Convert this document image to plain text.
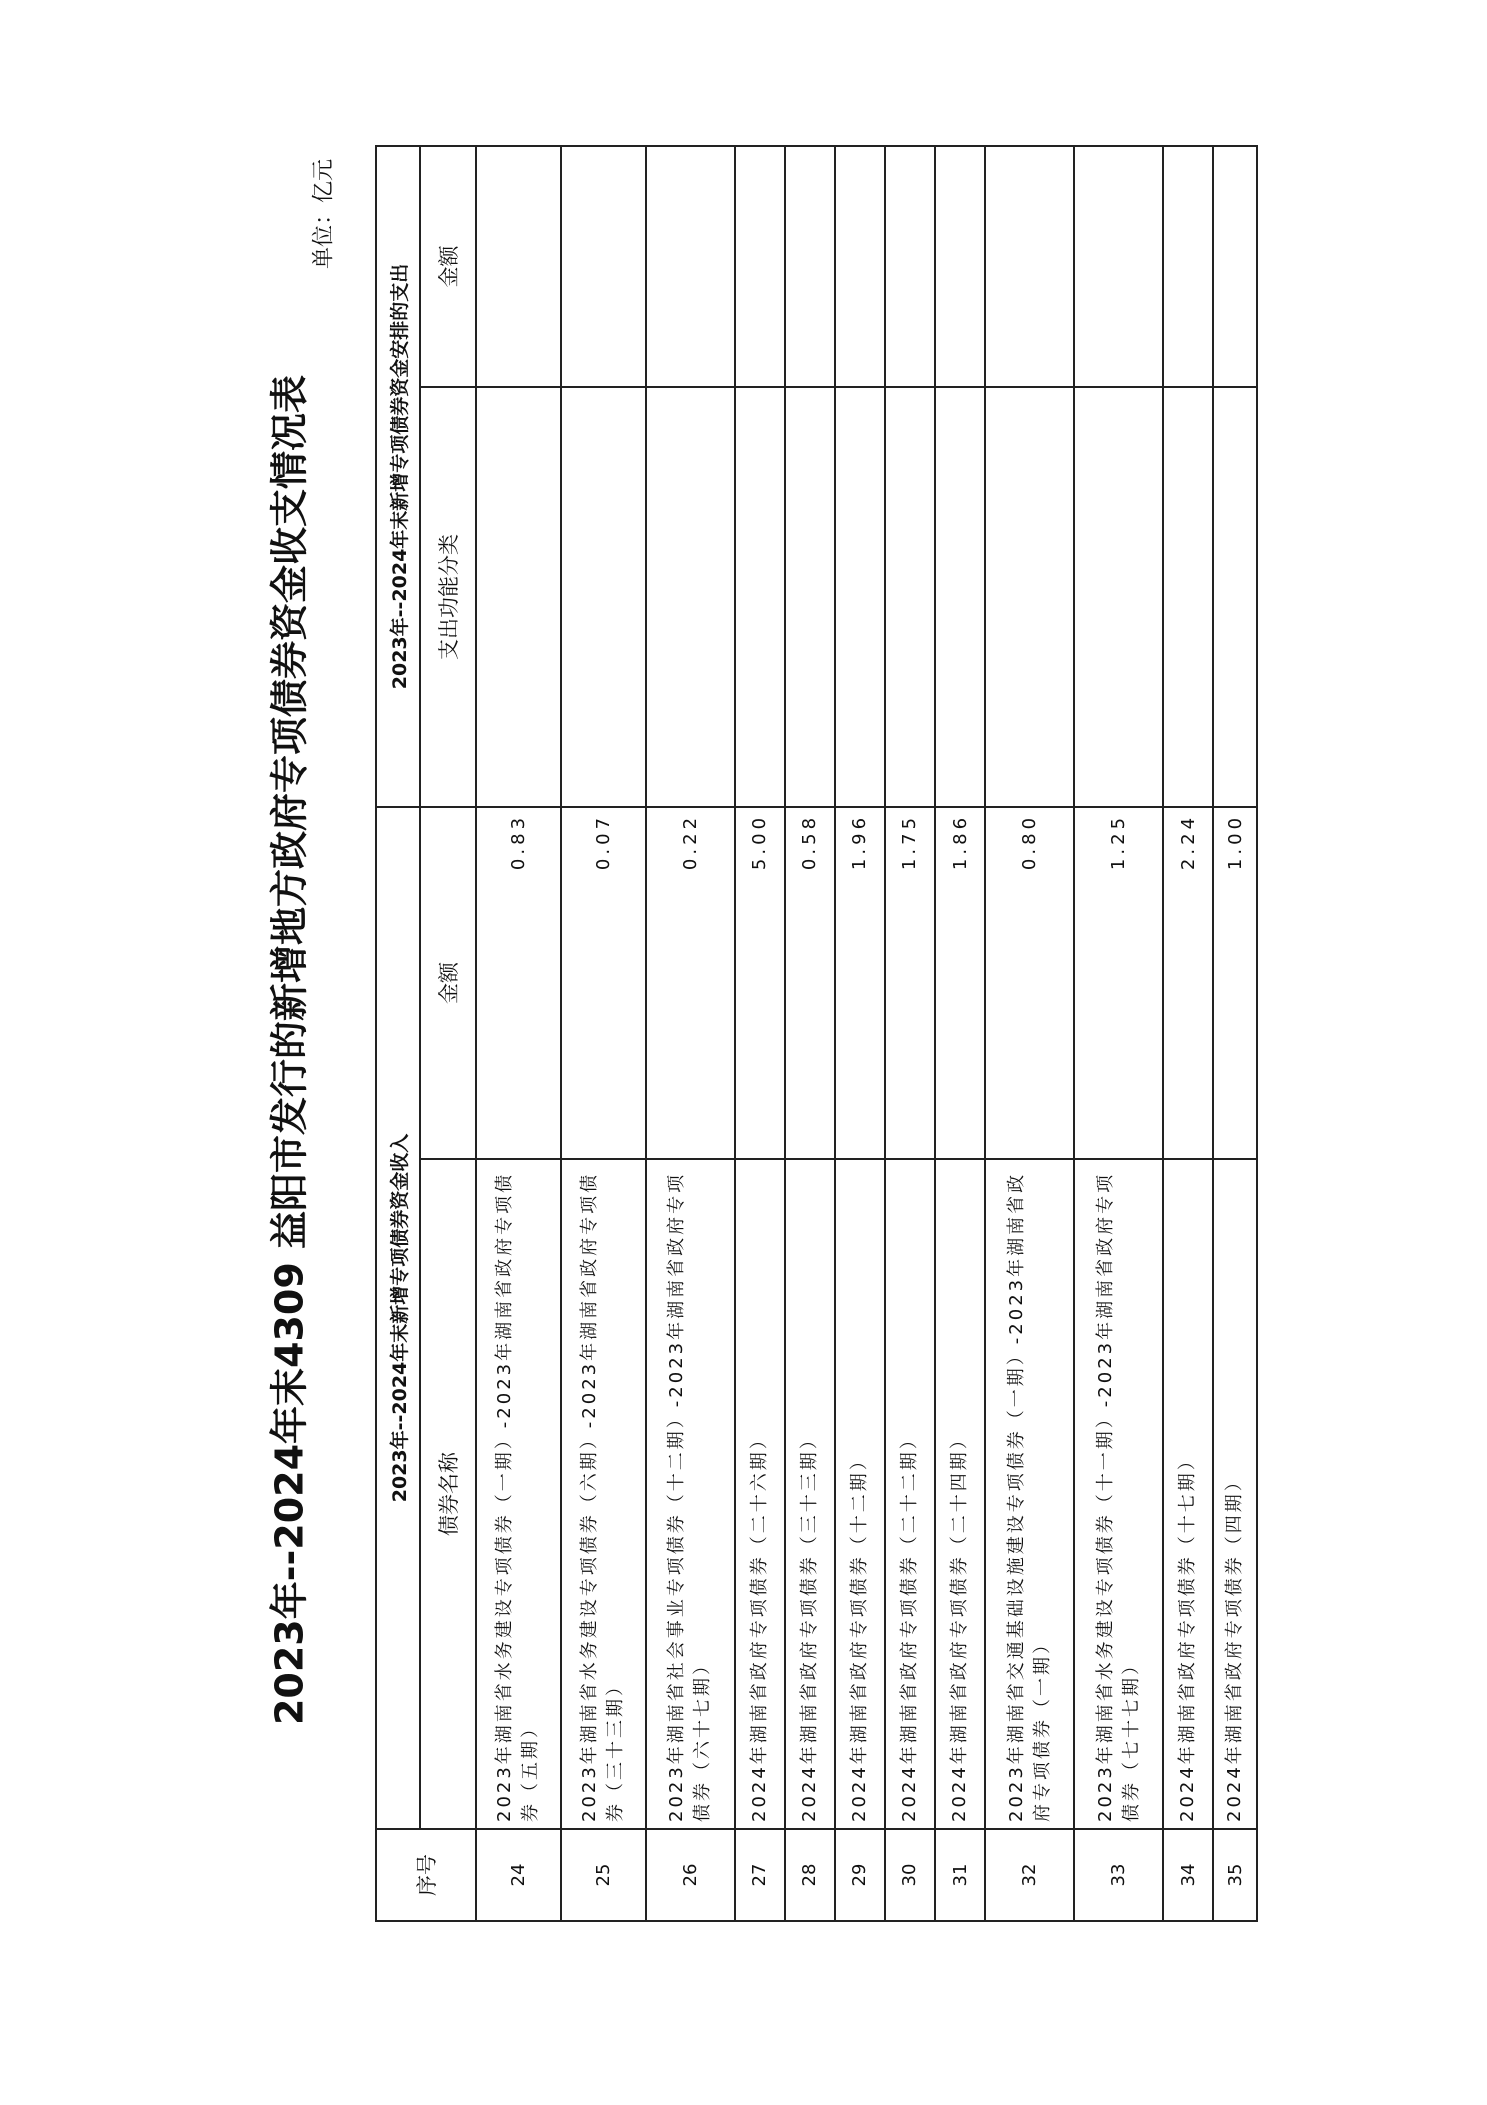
2023年--2024年末4309 益阳市发行的新增地方政府专项债券资金收支情况表
单位：亿元
序号	2023年--2024年末新增专项债券资金收入		2023年--2024年末新增专项债券资金安排的支出	
	债券名称	金额	支出功能分类	金额
24	2023年湖南省水务建设专项债券（一期）-2023年湖南省政府专项债券（五期）	0.83		
25	2023年湖南省水务建设专项债券（六期）-2023年湖南省政府专项债券（三十三期）	0.07		
26	2023年湖南省社会事业专项债券（十二期）-2023年湖南省政府专项债券（六十七期）	0.22		
27	2024年湖南省政府专项债券（二十六期）	5.00		
28	2024年湖南省政府专项债券（三十三期）	0.58		
29	2024年湖南省政府专项债券（十二期）	1.96		
30	2024年湖南省政府专项债券（二十二期）	1.75		
31	2024年湖南省政府专项债券（二十四期）	1.86		
32	2023年湖南省交通基础设施建设专项债券（一期）-2023年湖南省政府专项债券（一期）	0.80		
33	2023年湖南省水务建设专项债券（十一期）-2023年湖南省政府专项债券（七十七期）	1.25		
34	2024年湖南省政府专项债券（十七期）	2.24		
35	2024年湖南省政府专项债券（四期）	1.00		
